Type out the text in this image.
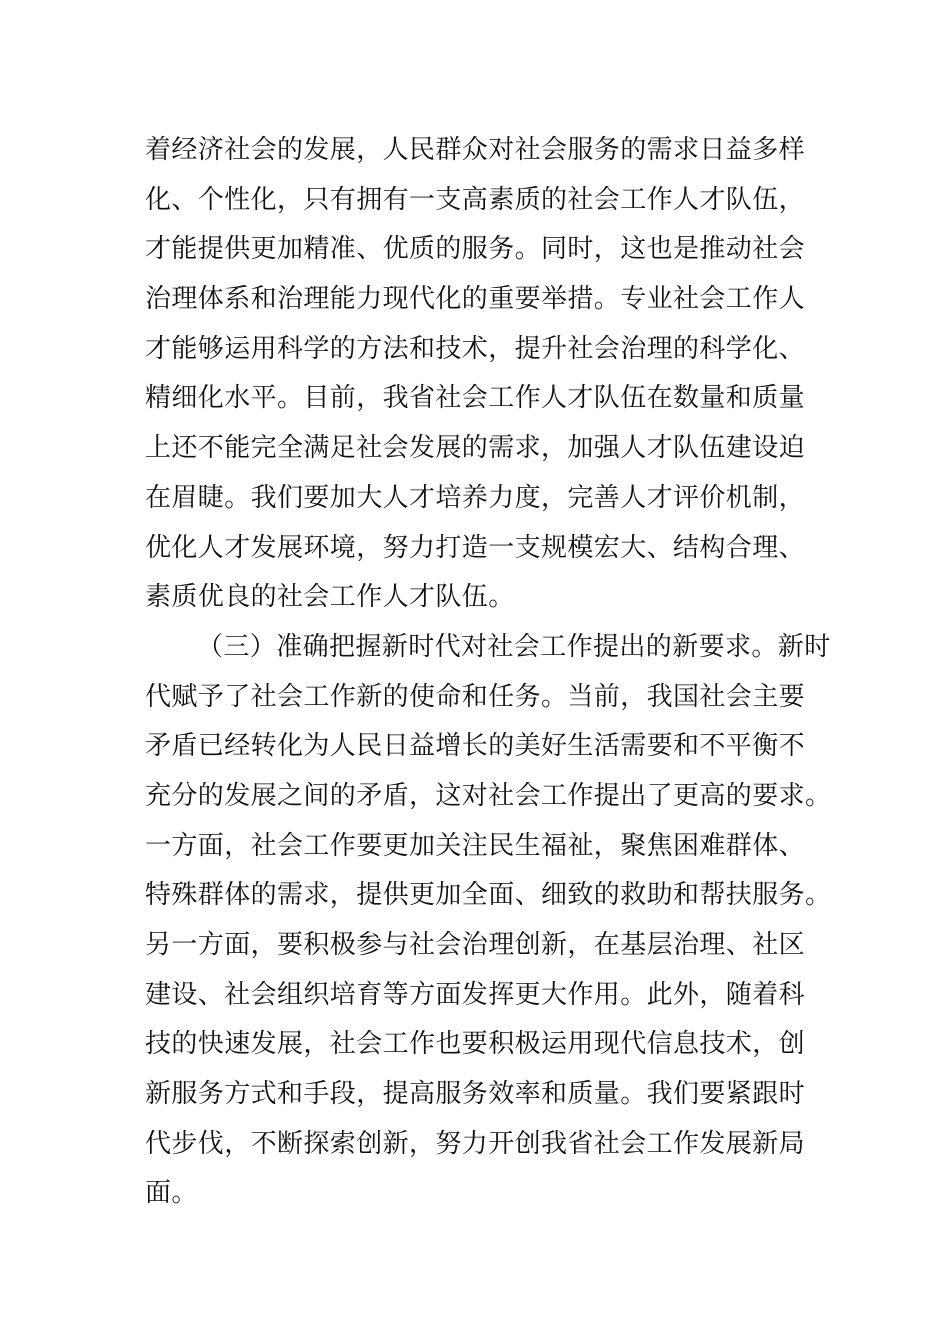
着经济社会的发展，人民群众对社会服务的需求日益多样
化、个性化，只有拥有一支高素质的社会工作人才队伍，
才能提供更加精准、优质的服务。同时，这也是推动社会
治理体系和治理能力现代化的重要举措。专业社会工作人
才能够运用科学的方法和技术，提升社会治理的科学化、
精细化水平。目前，我省社会工作人才队伍在数量和质量
上还不能完全满足社会发展的需求，加强人才队伍建设迫
在眉睫。我们要加大人才培养力度，完善人才评价机制，
优化人才发展环境，努力打造一支规模宏大、结构合理、
素质优良的社会工作人才队伍。
（三）准确把握新时代对社会工作提出的新要求。新时
代赋予了社会工作新的使命和任务。当前，我国社会主要
矛盾已经转化为人民日益增长的美好生活需要和不平衡不
充分的发展之间的矛盾，这对社会工作提出了更高的要求。
一方面，社会工作要更加关注民生福祉，聚焦困难群体、
特殊群体的需求，提供更加全面、细致的救助和帮扶服务。
另一方面，要积极参与社会治理创新，在基层治理、社区
建设、社会组织培育等方面发挥更大作用。此外，随着科
技的快速发展，社会工作也要积极运用现代信息技术，创
新服务方式和手段，提高服务效率和质量。我们要紧跟时
代步伐，不断探索创新，努力开创我省社会工作发展新局
面。
